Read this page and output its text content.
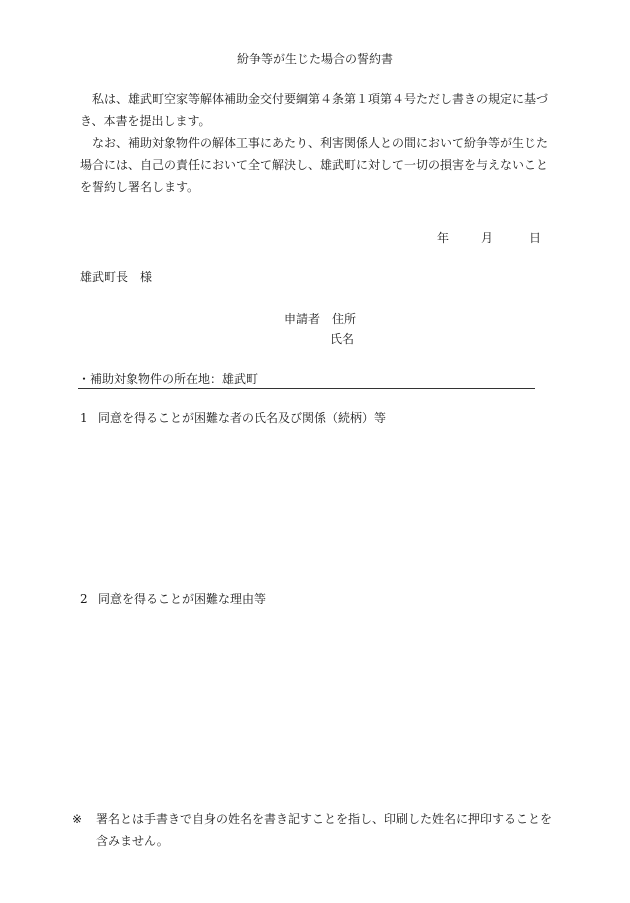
紛争等が生じた場合の誓約書

私は、雄武町空家等解体補助金交付要綱第４条第１項第４号ただし書きの規定に基づき、本書を提出します。

なお、補助対象物件の解体工事にあたり、利害関係人との間において紛争等が生じた場合には、自己の責任において全て解決し、雄武町に対して一切の損害を与えないことを誓約し署名します。

年	月	日
雄武町長　様
申請者　住所
氏名
・補助対象物件の所在地：雄武町
1 同意を得ることが困難な者の氏名及び関係（続柄）等
2 同意を得ることが困難な理由等
※ 署名とは手書きで自身の姓名を書き記すことを指し、印刷した姓名に押印することを含みません。
